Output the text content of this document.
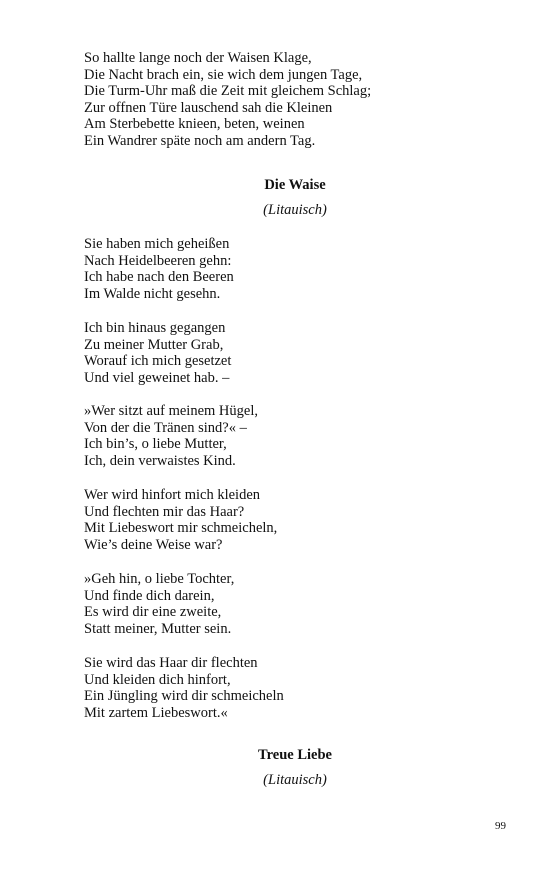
So hallte lange noch der Waisen Klage,
Die Nacht brach ein, sie wich dem jungen Tage,
Die Turm-Uhr maß die Zeit mit gleichem Schlag;
Zur offnen Türe lauschend sah die Kleinen
Am Sterbebette knieen, beten, weinen
Ein Wandrer späte noch am andern Tag.
Die Waise
(Litauisch)
Sie haben mich geheißen
Nach Heidelbeeren gehn:
Ich habe nach den Beeren
Im Walde nicht gesehn.
Ich bin hinaus gegangen
Zu meiner Mutter Grab,
Worauf ich mich gesetzet
Und viel geweinet hab. –
»Wer sitzt auf meinem Hügel,
Von der die Tränen sind?« –
Ich bin’s, o liebe Mutter,
Ich, dein verwaistes Kind.
Wer wird hinfort mich kleiden
Und flechten mir das Haar?
Mit Liebeswort mir schmeicheln,
Wie’s deine Weise war?
»Geh hin, o liebe Tochter,
Und finde dich darein,
Es wird dir eine zweite,
Statt meiner, Mutter sein.
Sie wird das Haar dir flechten
Und kleiden dich hinfort,
Ein Jüngling wird dir schmeicheln
Mit zartem Liebeswort.«
Treue Liebe
(Litauisch)
99
